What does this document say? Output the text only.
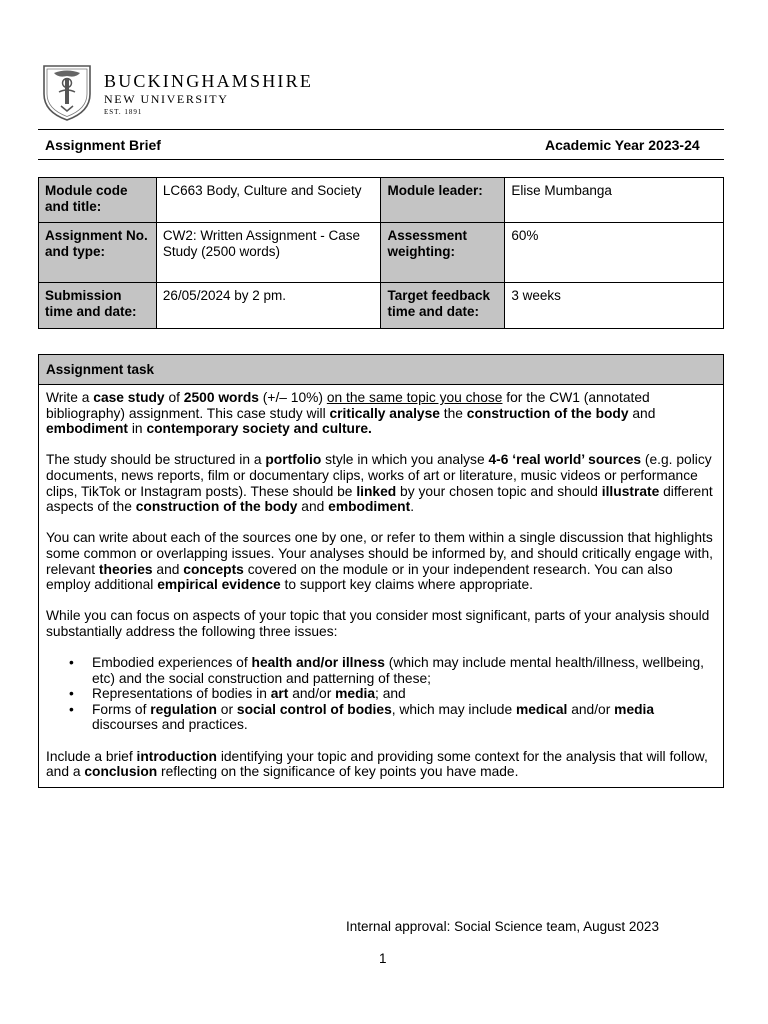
BUCKINGHAMSHIRE
NEW UNIVERSITY
EST. 1891
Assignment Brief	Academic Year 2023-24
Module code and title:	LC663 Body, Culture and Society	Module leader:	Elise Mumbanga
Assignment No. and type:	CW2: Written Assignment - Case Study (2500 words)	Assessment weighting:	60%
Submission time and date:	26/05/2024 by 2 pm.	Target feedback time and date:	3 weeks
Assignment task

Write a case study of 2500 words (+/– 10%) on the same topic you chose for the CW1 (annotated bibliography) assignment. This case study will critically analyse the construction of the body and embodiment in contemporary society and culture.

The study should be structured in a portfolio style in which you analyse 4-6 ‘real world’ sources (e.g. policy documents, news reports, film or documentary clips, works of art or literature, music videos or performance clips, TikTok or Instagram posts). These should be linked by your chosen topic and should illustrate different aspects of the construction of the body and embodiment.

You can write about each of the sources one by one, or refer to them within a single discussion that highlights some common or overlapping issues. Your analyses should be informed by, and should critically engage with, relevant theories and concepts covered on the module or in your independent research. You can also employ additional empirical evidence to support key claims where appropriate.

While you can focus on aspects of your topic that you consider most significant, parts of your analysis should substantially address the following three issues:

• Embodied experiences of health and/or illness (which may include mental health/illness, wellbeing, etc) and the social construction and patterning of these;
• Representations of bodies in art and/or media; and
• Forms of regulation or social control of bodies, which may include medical and/or media discourses and practices.

Include a brief introduction identifying your topic and providing some context for the analysis that will follow, and a conclusion reflecting on the significance of key points you have made.

Internal approval: Social Science team, August 2023
1
